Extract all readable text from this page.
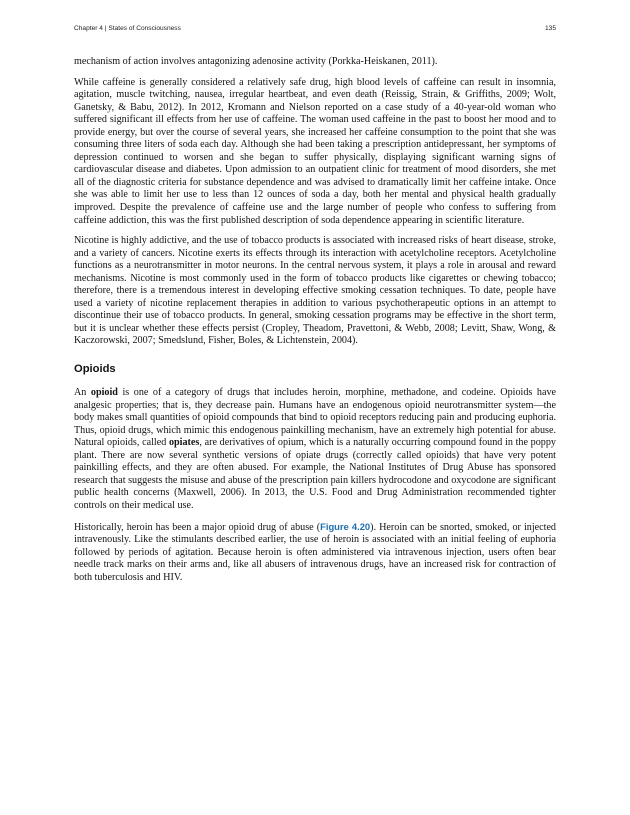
Chapter 4 | States of Consciousness	135

mechanism of action involves antagonizing adenosine activity (Porkka-Heiskanen, 2011).

While caffeine is generally considered a relatively safe drug, high blood levels of caffeine can result in insomnia, agitation, muscle twitching, nausea, irregular heartbeat, and even death (Reissig, Strain, & Griffiths, 2009; Wolt, Ganetsky, & Babu, 2012). In 2012, Kromann and Nielson reported on a case study of a 40-year-old woman who suffered significant ill effects from her use of caffeine. The woman used caffeine in the past to boost her mood and to provide energy, but over the course of several years, she increased her caffeine consumption to the point that she was consuming three liters of soda each day. Although she had been taking a prescription antidepressant, her symptoms of depression continued to worsen and she began to suffer physically, displaying significant warning signs of cardiovascular disease and diabetes. Upon admission to an outpatient clinic for treatment of mood disorders, she met all of the diagnostic criteria for substance dependence and was advised to dramatically limit her caffeine intake. Once she was able to limit her use to less than 12 ounces of soda a day, both her mental and physical health gradually improved. Despite the prevalence of caffeine use and the large number of people who confess to suffering from caffeine addiction, this was the first published description of soda dependence appearing in scientific literature.

Nicotine is highly addictive, and the use of tobacco products is associated with increased risks of heart disease, stroke, and a variety of cancers. Nicotine exerts its effects through its interaction with acetylcholine receptors. Acetylcholine functions as a neurotransmitter in motor neurons. In the central nervous system, it plays a role in arousal and reward mechanisms. Nicotine is most commonly used in the form of tobacco products like cigarettes or chewing tobacco; therefore, there is a tremendous interest in developing effective smoking cessation techniques. To date, people have used a variety of nicotine replacement therapies in addition to various psychotherapeutic options in an attempt to discontinue their use of tobacco products. In general, smoking cessation programs may be effective in the short term, but it is unclear whether these effects persist (Cropley, Theadom, Pravettoni, & Webb, 2008; Levitt, Shaw, Wong, & Kaczorowski, 2007; Smedslund, Fisher, Boles, & Lichtenstein, 2004).

Opioids

An opioid is one of a category of drugs that includes heroin, morphine, methadone, and codeine. Opioids have analgesic properties; that is, they decrease pain. Humans have an endogenous opioid neurotransmitter system—the body makes small quantities of opioid compounds that bind to opioid receptors reducing pain and producing euphoria. Thus, opioid drugs, which mimic this endogenous painkilling mechanism, have an extremely high potential for abuse. Natural opioids, called opiates, are derivatives of opium, which is a naturally occurring compound found in the poppy plant. There are now several synthetic versions of opiate drugs (correctly called opioids) that have very potent painkilling effects, and they are often abused. For example, the National Institutes of Drug Abuse has sponsored research that suggests the misuse and abuse of the prescription pain killers hydrocodone and oxycodone are significant public health concerns (Maxwell, 2006). In 2013, the U.S. Food and Drug Administration recommended tighter controls on their medical use.

Historically, heroin has been a major opioid drug of abuse (Figure 4.20). Heroin can be snorted, smoked, or injected intravenously. Like the stimulants described earlier, the use of heroin is associated with an initial feeling of euphoria followed by periods of agitation. Because heroin is often administered via intravenous injection, users often bear needle track marks on their arms and, like all abusers of intravenous drugs, have an increased risk for contraction of both tuberculosis and HIV.
